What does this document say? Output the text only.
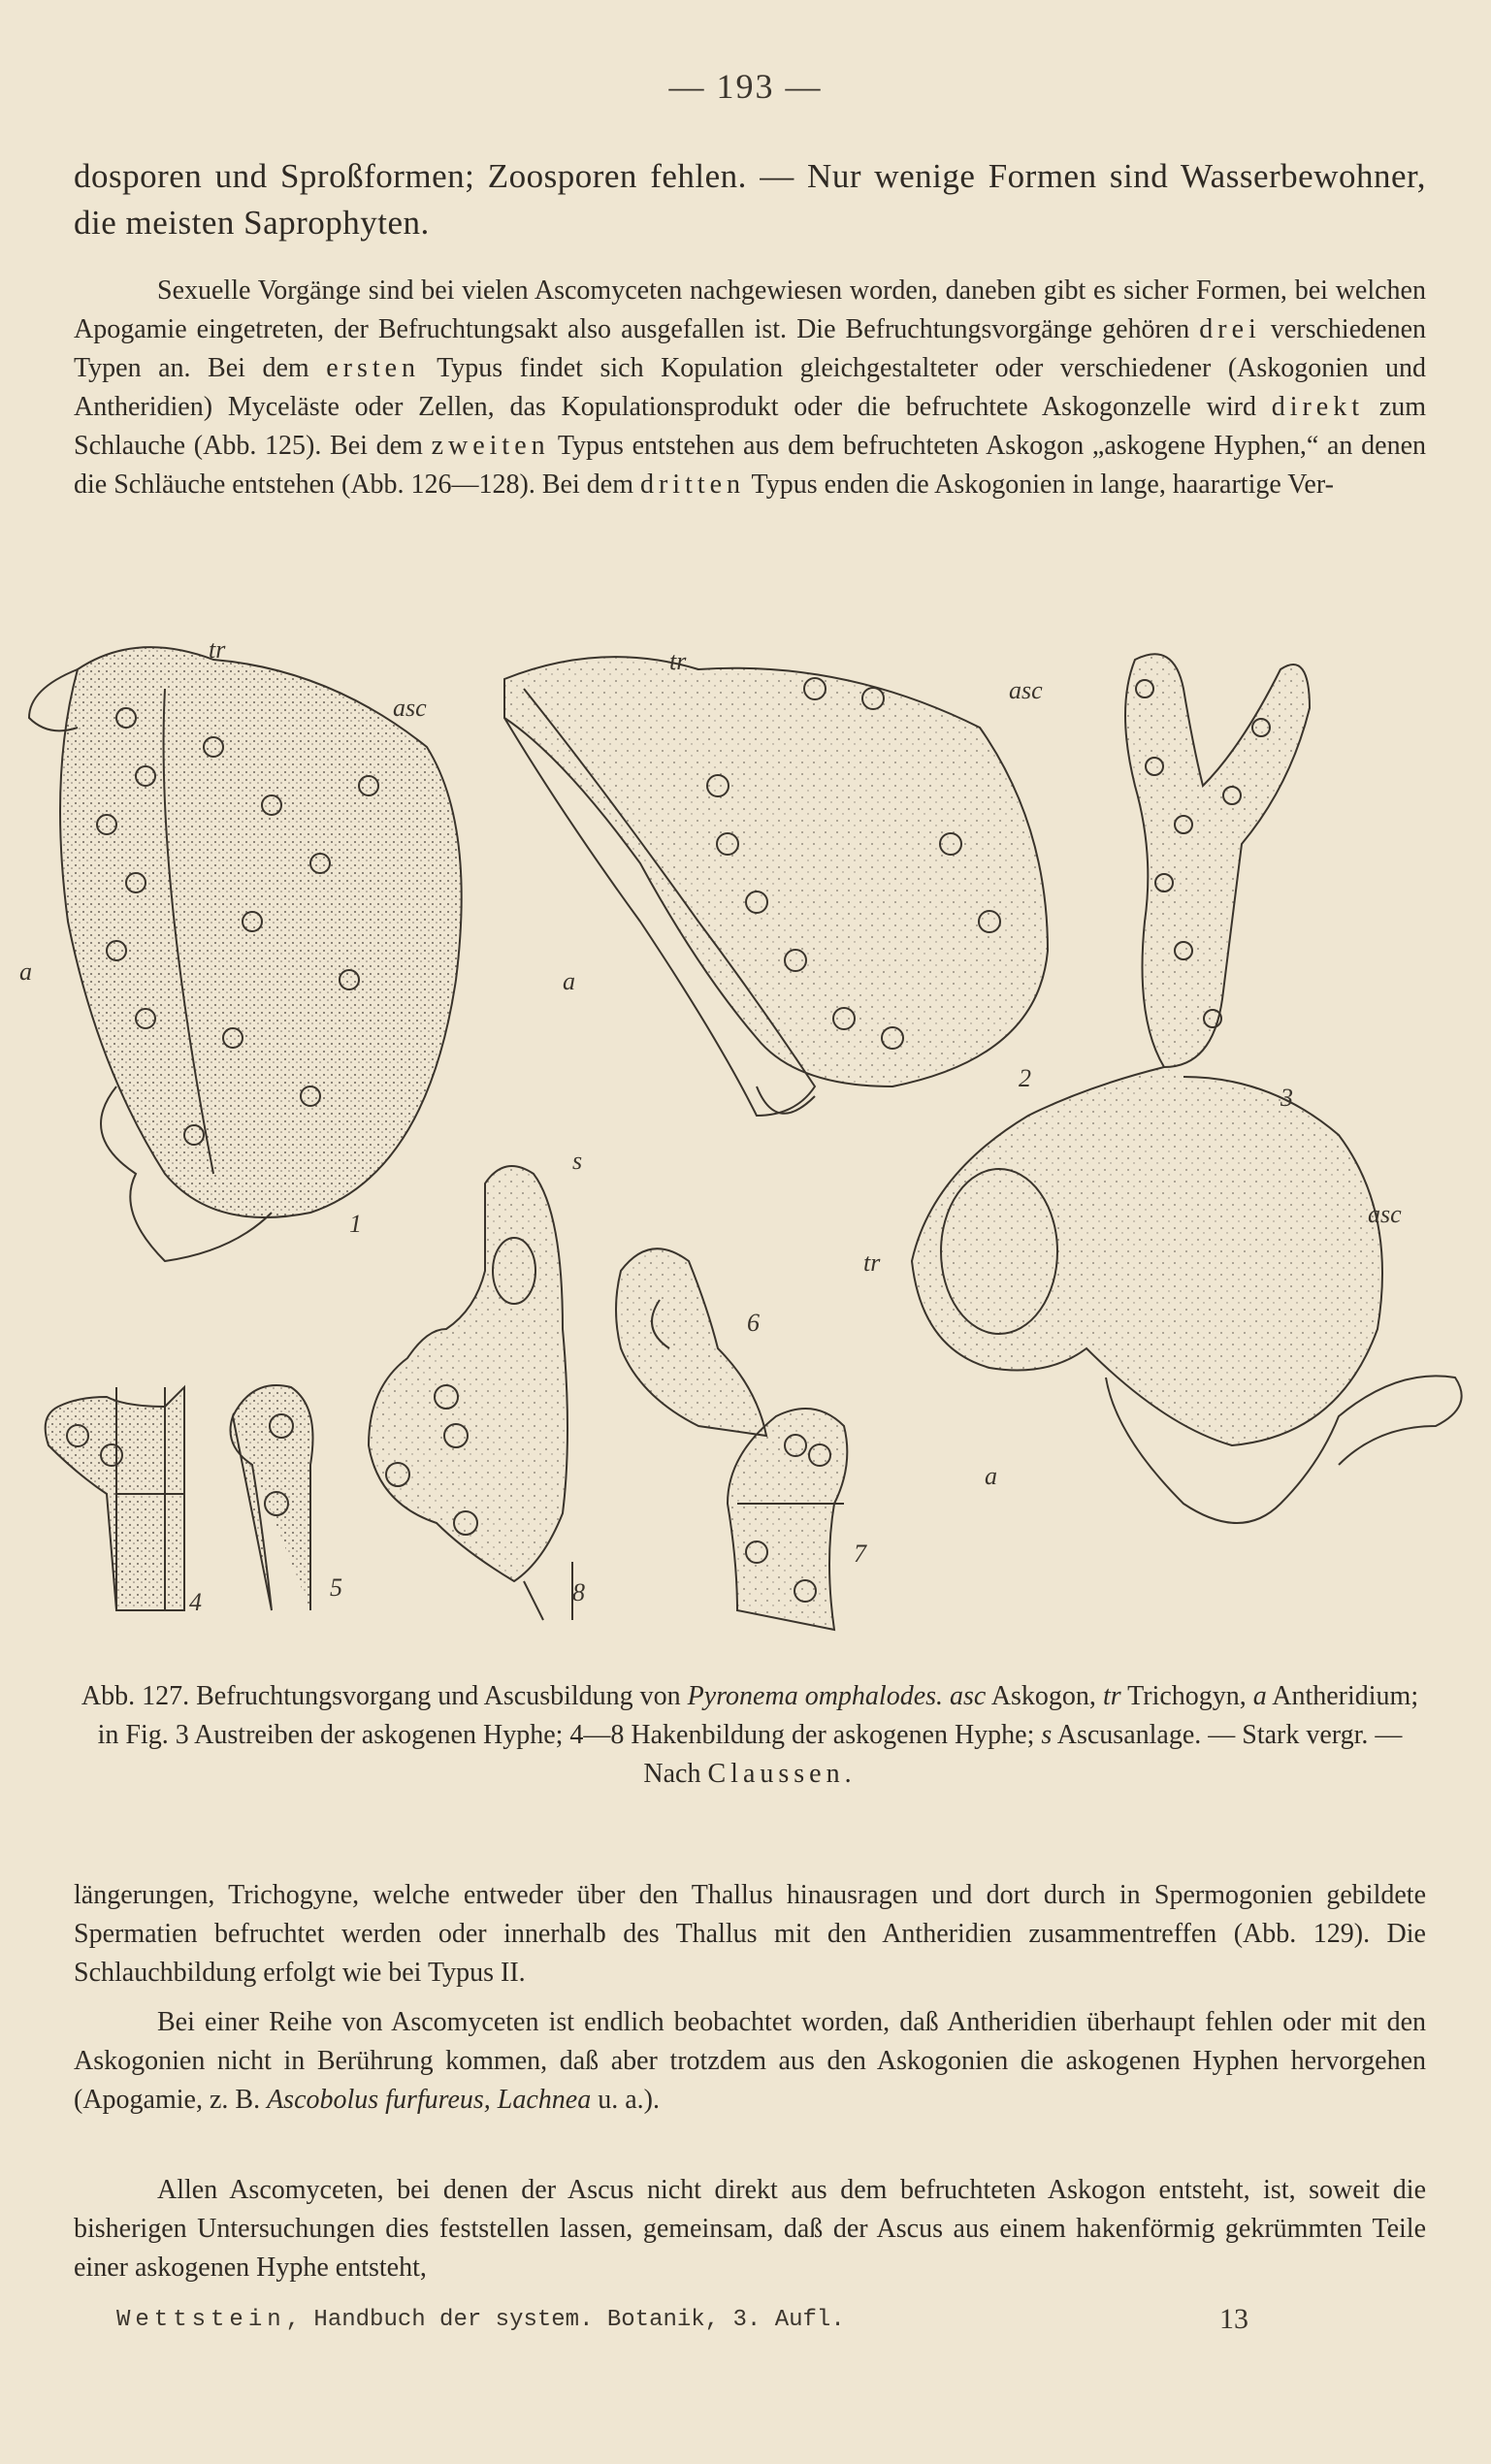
— 193 —

dosporen und Sproßformen; Zoosporen fehlen. — Nur wenige Formen sind Wasserbewohner, die meisten Saprophyten.

Sexuelle Vorgänge sind bei vielen Ascomyceten nachgewiesen worden, daneben gibt es sicher Formen, bei welchen Apogamie eingetreten, der Befruchtungsakt also ausgefallen ist. Die Befruchtungsvorgänge gehören drei verschiedenen Typen an. Bei dem ersten Typus findet sich Kopulation gleichgestalteter oder verschiedener (Askogonien und Antheridien) Myceläste oder Zellen, das Kopulationsprodukt oder die befruchtete Askogonzelle wird direkt zum Schlauche (Abb. 125). Bei dem zweiten Typus entstehen aus dem befruchteten Askogon „askogene Hyphen,“ an denen die Schläuche entstehen (Abb. 126—128). Bei dem dritten Typus enden die Askogonien in lange, haarartige Ver-

tr
asc
a
1
tr
asc
a
2
3
asc
tr
a
s
4
5
6
7
8

Abb. 127. Befruchtungsvorgang und Ascusbildung von Pyronema omphalodes. asc Askogon, tr Trichogyn, a Antheridium; in Fig. 3 Austreiben der askogenen Hyphe; 4—8 Hakenbildung der askogenen Hyphe; s Ascusanlage. — Stark vergr. — Nach Claussen.

längerungen, Trichogyne, welche entweder über den Thallus hinausragen und dort durch in Spermogonien gebildete Spermatien befruchtet werden oder innerhalb des Thallus mit den Antheridien zusammentreffen (Abb. 129). Die Schlauchbildung erfolgt wie bei Typus II.

Bei einer Reihe von Ascomyceten ist endlich beobachtet worden, daß Antheridien überhaupt fehlen oder mit den Askogonien nicht in Berührung kommen, daß aber trotzdem aus den Askogonien die askogenen Hyphen hervorgehen (Apogamie, z. B. Ascobolus furfureus, Lachnea u. a.).

Allen Ascomyceten, bei denen der Ascus nicht direkt aus dem befruchteten Askogon entsteht, ist, soweit die bisherigen Untersuchungen dies feststellen lassen, gemeinsam, daß der Ascus aus einem hakenförmig gekrümmten Teile einer askogenen Hyphe entsteht,

Wettstein, Handbuch der system. Botanik, 3. Aufl.	13
